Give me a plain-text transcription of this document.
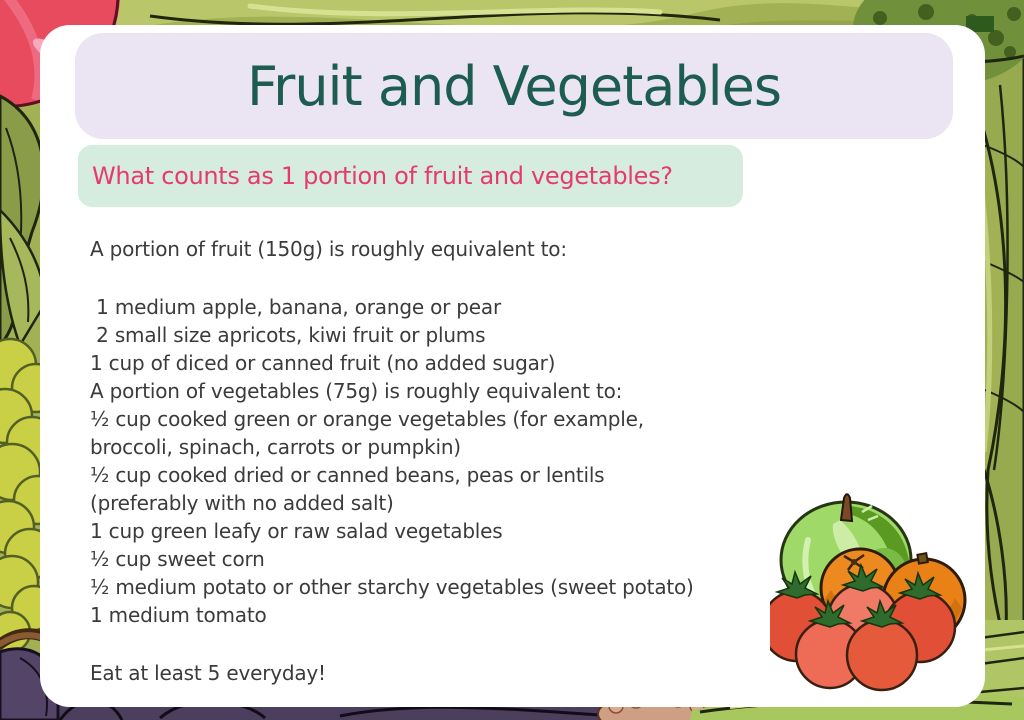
Fruit and Vegetables
What counts as 1 portion of fruit and vegetables?
A portion of fruit (150g) is roughly equivalent to:
1 medium apple, banana, orange or pear
2 small size apricots, kiwi fruit or plums
1 cup of diced or canned fruit (no added sugar)
A portion of vegetables (75g) is roughly equivalent to:
½ cup cooked green or orange vegetables (for example,
broccoli, spinach, carrots or pumpkin)
½ cup cooked dried or canned beans, peas or lentils
(preferably with no added salt)
1 cup green leafy or raw salad vegetables
½ cup sweet corn
½ medium potato or other starchy vegetables (sweet potato)
1 medium tomato
Eat at least 5 everyday!
